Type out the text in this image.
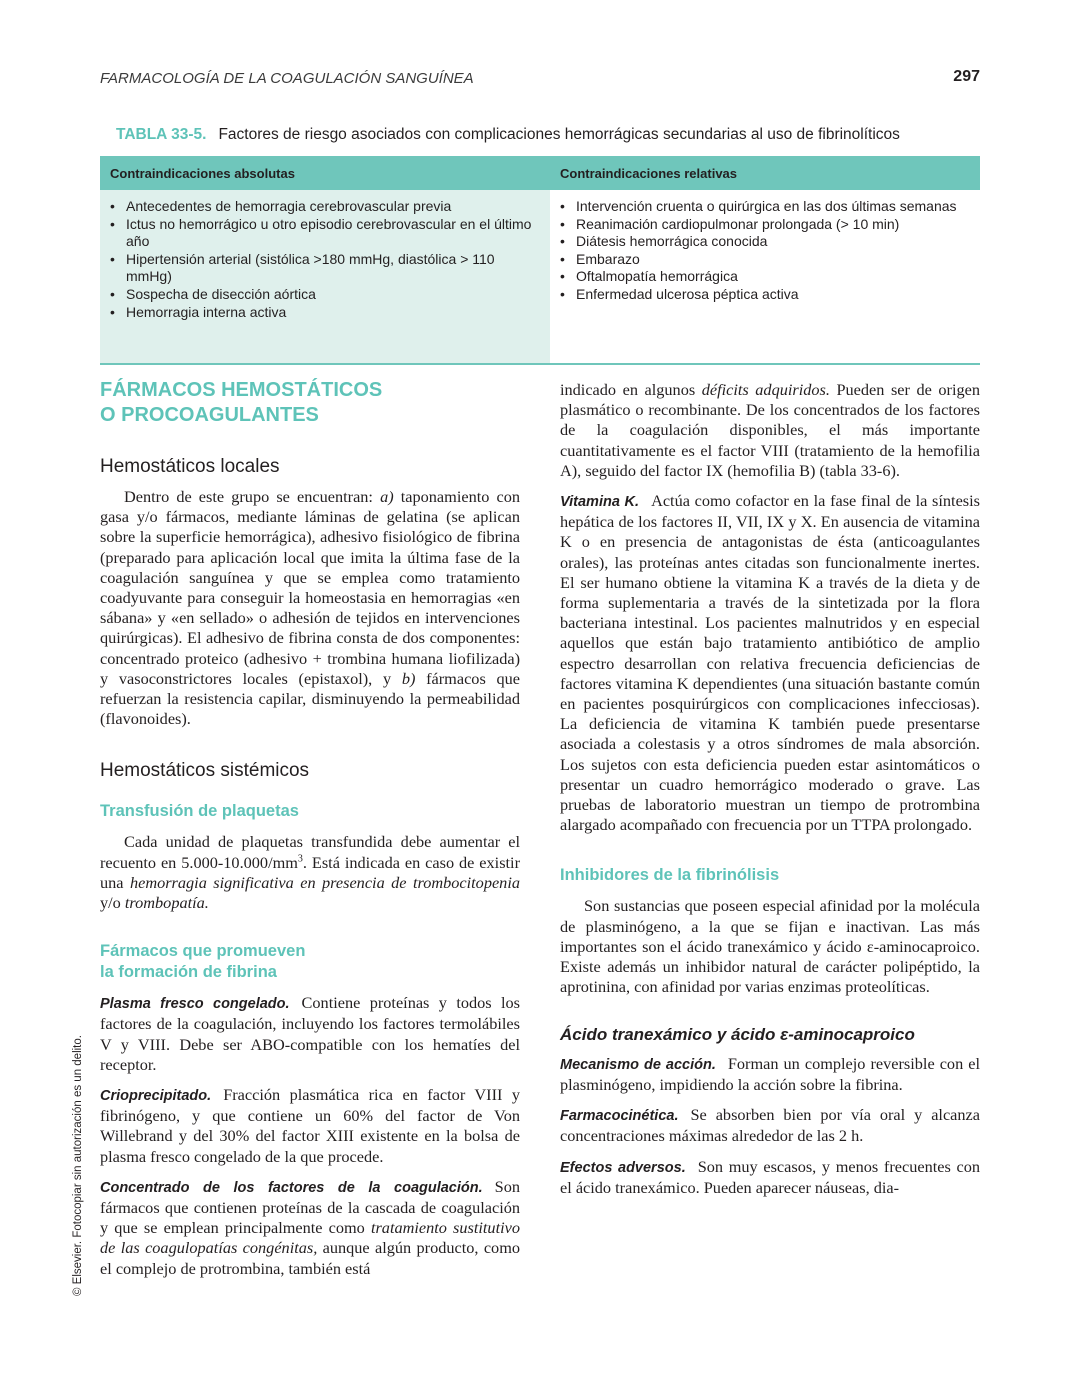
FARMACOLOGÍA DE LA COAGULACIÓN SANGUÍNEA	297
TABLA 33-5. Factores de riesgo asociados con complicaciones hemorrágicas secundarias al uso de fibrinolíticos
Contraindicaciones absolutas	Contraindicaciones relativas
• Antecedentes de hemorragia cerebrovascular previa
• Ictus no hemorrágico u otro episodio cerebrovascular en el último año
• Hipertensión arterial (sistólica >180 mmHg, diastólica > 110 mmHg)
• Sospecha de disección aórtica
• Hemorragia interna activa
• Intervención cruenta o quirúrgica en las dos últimas semanas
• Reanimación cardiopulmonar prolongada (> 10 min)
• Diátesis hemorrágica conocida
• Embarazo
• Oftalmopatía hemorrágica
• Enfermedad ulcerosa péptica activa
FÁRMACOS HEMOSTÁTICOS
O PROCOAGULANTES
Hemostáticos locales

Dentro de este grupo se encuentran: a) taponamiento con gasa y/o fármacos, mediante láminas de gelatina (se aplican sobre la superficie hemorrágica), adhesivo fisiológico de fibrina (preparado para aplicación local que imita la última fase de la coagulación sanguínea y que se emplea como tratamiento coadyuvante para conseguir la homeostasia en hemorragias «en sábana» y «en sellado» o adhesión de tejidos en intervenciones quirúrgicas). El adhesivo de fibrina consta de dos componentes: concentrado proteico (adhesivo + trombina humana liofilizada) y vasoconstrictores locales (epistaxol), y b) fármacos que refuerzan la resistencia capilar, disminuyendo la permeabilidad (flavonoides).

Hemostáticos sistémicos
Transfusión de plaquetas

Cada unidad de plaquetas transfundida debe aumentar el recuento en $5.000-10.000/mm^3$. Está indicada en caso de existir una hemorragia significativa en presencia de trombocitopenia y/o trombopatía.

Fármacos que promueven
la formación de fibrina

Plasma fresco congelado. Contiene proteínas y todos los factores de la coagulación, incluyendo los factores termolábiles V y VIII. Debe ser ABO-compatible con los hematíes del receptor.

Crioprecipitado. Fracción plasmática rica en factor VIII y fibrinógeno, y que contiene un 60% del factor de Von Willebrand y del 30% del factor XIII existente en la bolsa de plasma fresco congelado de la que procede.

Concentrado de los factores de la coagulación. Son fármacos que contienen proteínas de la cascada de coagulación y que se emplean principalmente como tratamiento sustitutivo de las coagulopatías congénitas, aunque algún producto, como el complejo de protrombina, también está

indicado en algunos déficits adquiridos. Pueden ser de origen plasmático o recombinante. De los concentrados de los factores de la coagulación disponibles, el más importante cuantitativamente es el factor VIII (tratamiento de la hemofilia A), seguido del factor IX (hemofilia B) (tabla 33-6).

Vitamina K. Actúa como cofactor en la fase final de la síntesis hepática de los factores II, VII, IX y X. En ausencia de vitamina K o en presencia de antagonistas de ésta (anticoagulantes orales), las proteínas antes citadas son funcionalmente inertes. El ser humano obtiene la vitamina K a través de la dieta y de forma suplementaria a través de la sintetizada por la flora bacteriana intestinal. Los pacientes malnutridos y en especial aquellos que están bajo tratamiento antibiótico de amplio espectro desarrollan con relativa frecuencia deficiencias de factores vitamina K dependientes (una situación bastante común en pacientes posquirúrgicos con complicaciones infecciosas). La deficiencia de vitamina K también puede presentarse asociada a colestasis y a otros síndromes de mala absorción. Los sujetos con esta deficiencia pueden estar asintomáticos o presentar un cuadro hemorrágico moderado o grave. Las pruebas de laboratorio muestran un tiempo de protrombina alargado acompañado con frecuencia por un TTPA prolongado.

Inhibidores de la fibrinólisis

Son sustancias que poseen especial afinidad por la molécula de plasminógeno, a la que se fijan e inactivan. Las más importantes son el ácido tranexámico y ácido ε-aminocaproico. Existe además un inhibidor natural de carácter polipéptido, la aprotinina, con afinidad por varias enzimas proteolíticas.

Ácido tranexámico y ácido ε-aminocaproico

Mecanismo de acción. Forman un complejo reversible con el plasminógeno, impidiendo la acción sobre la fibrina.

Farmacocinética. Se absorben bien por vía oral y alcanza concentraciones máximas alrededor de las 2 h.

Efectos adversos. Son muy escasos, y menos frecuentes con el ácido tranexámico. Pueden aparecer náuseas, dia-

© Elsevier. Fotocopiar sin autorización es un delito.
